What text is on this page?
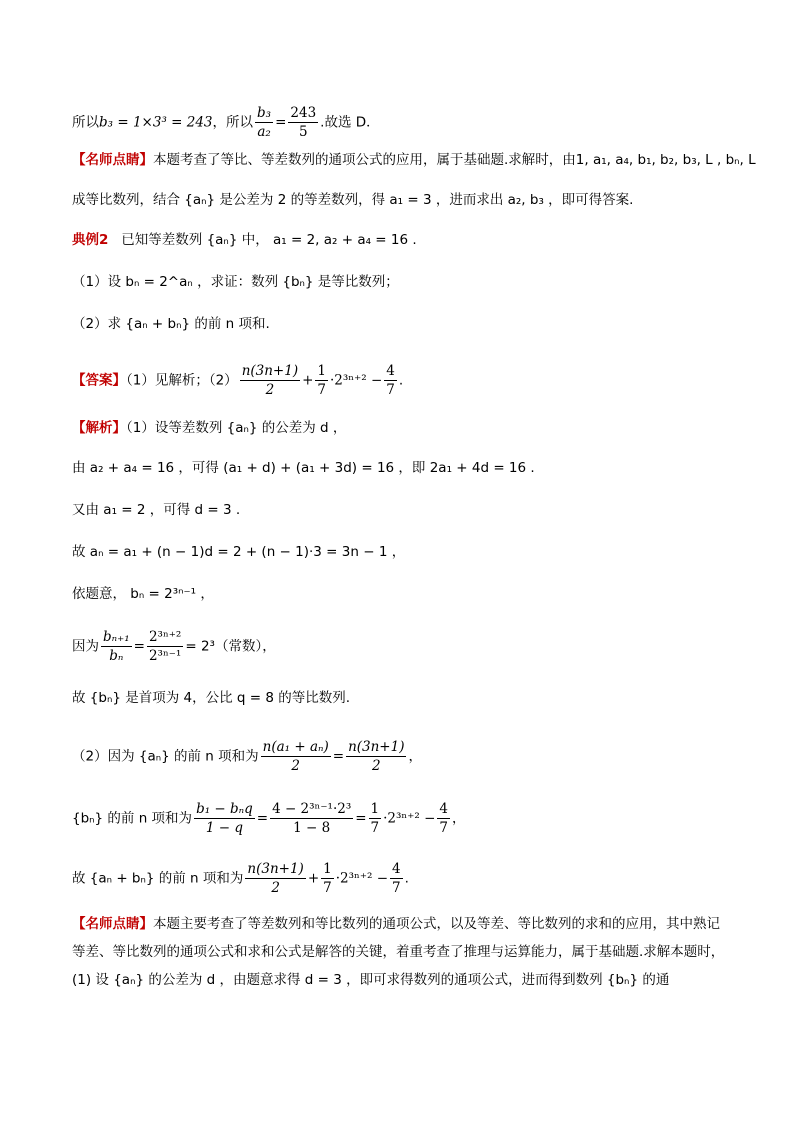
所以b₃ = 1×3³ = 243，所以 $\frac{\text{b₃}}{\text{a₂}} = \frac{243}{5}$ .故选 D．
【名师点睛】本题考查了等比、等差数列的通项公式的应用，属于基础题.求解时，由1, a₁, a₄, b₁, b₂, b₃, L , bₙ, L
成等比数列，结合 {aₙ} 是公差为 2 的等差数列，得 a₁ = 3 ，进而求出 a₂, b₃ ，即可得答案.
典例2 已知等差数列 {aₙ} 中， a₁ = 2, a₂ + a₄ = 16 .
（1）设 bₙ = 2^aₙ ，求证：数列 {bₙ} 是等比数列；
（2）求 {aₙ + bₙ} 的前 n 项和.
【答案】（1）见解析；$(2) \frac{n(3n+1)}{2} + \frac{1}{7} \cdot 2^{3n+2} - \frac{4}{7}$ .
【解析】（1）设等差数列 {aₙ} 的公差为 d ，
由 a₂ + a₄ = 16 ，可得 (a₁ + d) + (a₁ + 3d) = 16 ，即 2a₁ + 4d = 16 .
又由 a₁ = 2 ，可得 d = 3 .
故 aₙ = a₁ + (n − 1)d = 2 + (n − 1)·3 = 3n − 1 ，
依题意， bₙ = 2³ⁿ⁻¹ ，
因为 $\frac{\text{bₙ₊₁}}{\text{bₙ}} = \frac{\text{2³ⁿ⁺²}}{\text{2³ⁿ⁻¹}} = 2^3$（常数），
故 {bₙ} 是首项为 4，公比 q = 8 的等比数列.
（2）因为 {aₙ} 的前 n 项和为 $\frac{\text{n(a₁ + aₙ)}}{2} = \frac{n(3n+1)}{2}$ ，
{bₙ} 的前 n 项和为 $\frac{\text{b₁ − bₙq}}{1 - q} = \frac{\text{4 − 2³ⁿ⁻¹·2³}}{1 - 8} = \frac{1}{7} \cdot 2^{3n+2} - \frac{4}{7}$ ，
故 {aₙ + bₙ} 的前 n 项和为 $\frac{n(3n+1)}{2} + \frac{1}{7} \cdot 2^{3n+2} - \frac{4}{7}$ .
【名师点睛】本题主要考查了等差数列和等比数列的通项公式，以及等差、等比数列的求和的应用，其中熟记等差、等比数列的通项公式和求和公式是解答的关键，着重考查了推理与运算能力，属于基础题.求解本题时，(1) 设 {aₙ} 的公差为 d ，由题意求得 d = 3 ，即可求得数列的通项公式，进而得到数列 {bₙ} 的通
